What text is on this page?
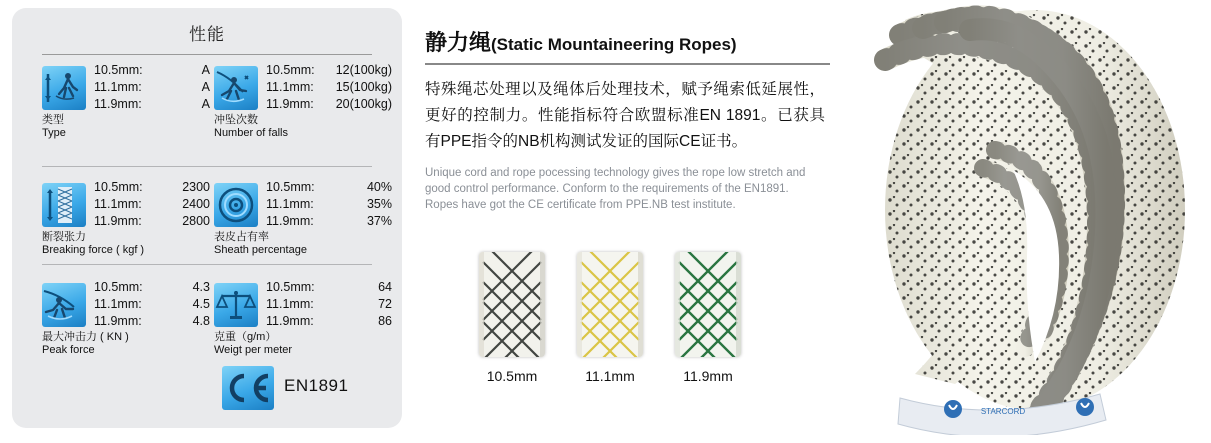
性能
10.5mm:	A
11.1mm:	A
11.9mm:	A
类型
Type
10.5mm: 12(100kg)
11.1mm: 15(100kg)
11.9mm: 20(100kg)
冲坠次数
Number of falls
10.5mm:	2300
11.1mm:	2400
11.9mm:	2800
断裂张力
Breaking force ( kgf )
10.5mm:	40%
11.1mm:	35%
11.9mm:	37%
表皮占有率
Sheath percentage
10.5mm:	4.3
11.1mm:	4.5
11.9mm:	4.8
最大冲击力 ( KN )
Peak force
10.5mm:	64
11.1mm:	72
11.9mm:	86
克重（g/m）
Weigt per meter
EN1891
静力绳(Static Mountaineering Ropes)
特殊绳芯处理以及绳体后处理技术，赋予绳索低延展性，更好的控制力。性能指标符合欧盟标准EN 1891。已获具有PPE指令的NB机构测试发证的国际CE证书。
Unique cord and rope pocessing technology gives the rope low stretch and good control performance. Conform to the requirements of the EN1891. Ropes have got the CE certificate from PPE.NB test institute.
10.5mm	11.1mm	11.9mm
STARCORD
